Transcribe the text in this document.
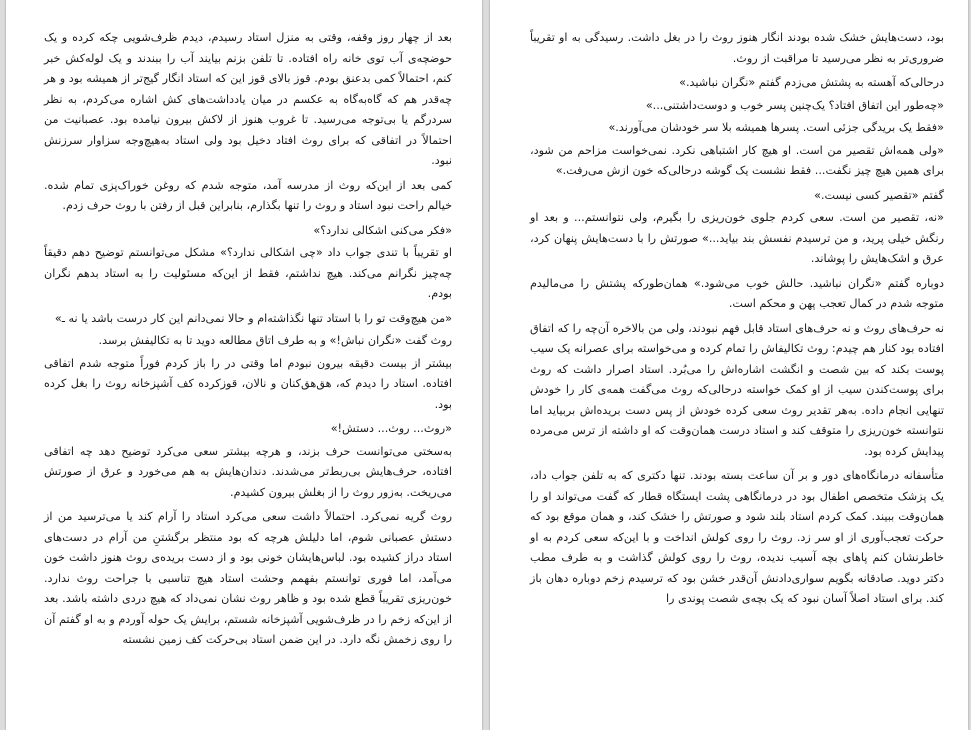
بعد از چهار روز وقفه، وقتی به منزل استاد رسیدم، دیدم ظرف‌شویی چکه کرده و یک حوضچه‌ی آب توی خانه راه افتاده. تا تلفن بزنم بیایند آب را ببندند و یک لوله‌کش خبر کنم، احتمالاً کمی بدعنق بودم. قوز بالای قوز این که استاد انگار گیج‌تر از همیشه بود و هر چه‌قدر هم که گاه‌به‌گاه به عکسم در میان یادداشت‌های کش اشاره می‌کردم، به نظر سردرگم یا بی‌توجه می‌رسید. تا غروب هنوز از لاکش بیرون نیامده بود. عصبانیت من احتمالاً در اتفاقی که برای روث افتاد دخیل بود ولی استاد به‌هیچ‌وجه سزاوار سرزنش نبود.

کمی بعد از این‌که روث از مدرسه آمد، متوجه شدم که روغن خوراک‌پزی تمام شده. خیالم راحت نبود استاد و روث را تنها بگذارم، بنابراین قبل از رفتن با روث حرف زدم.

«فکر می‌کنی اشکالی ندارد؟»

او تقریباً با تندی جواب داد «چی اشکالی ندارد؟» مشکل می‌توانستم توضیح دهم دقیقاً چه‌چیز نگرانم می‌کند. هیچ نداشتم، فقط از این‌که مسئولیت را به استاد بدهم نگران بودم.

«من هیچ‌وقت تو را با استاد تنها نگذاشته‌ام و حالا نمی‌دانم این کار درست باشد یا نه ـ»

روث گفت «نگران نباش!» و به طرف اتاق مطالعه دوید تا به تکالیفش برسد.

بیشتر از بیست دقیقه بیرون نبودم اما وقتی در را باز کردم فوراً متوجه شدم اتفاقی افتاده. استاد را دیدم که، هق‌هق‌کنان و نالان، قوزکرده کف آشپزخانه روث را بغل کرده بود.

«روث... روث... دستش!»

به‌سختی می‌توانست حرف بزند، و هرچه بیشتر سعی می‌کرد توضیح دهد چه اتفاقی افتاده، حرف‌هایش بی‌ربط‌تر می‌شدند. دندان‌هایش به هم می‌خورد و عرق از صورتش می‌ریخت. به‌زور روث را از بغلش بیرون کشیدم.

روث گریه نمی‌کرد. احتمالاً داشت سعی می‌کرد استاد را آرام کند یا می‌ترسید من از دستش عصبانی شوم، اما دلیلش هرچه که بود منتظر برگشتنِ من آرام در دست‌های استاد دراز کشیده بود. لباس‌هایشان خونی بود و از دست بریده‌ی روث هنوز داشت خون می‌آمد، اما فوری توانستم بفهمم وحشت استاد هیچ تناسبی با جراحت روث ندارد. خون‌ریزی تقریباً قطع شده بود و ظاهر روث نشان نمی‌داد که هیچ دردی داشته باشد. بعد از این‌که زخم را در ظرف‌شویی آشپزخانه شستم، برایش یک حوله آوردم و به او گفتم آن را روی زخمش نگه دارد. در این ضمن استاد بی‌حرکت کف زمین نشسته

بود، دست‌هایش خشک شده بودند انگار هنوز روث را در بغل داشت. رسیدگی به او تقریباً ضروری‌تر به نظر می‌رسید تا مراقبت از روث.

درحالی‌که آهسته به پشتش می‌زدم گفتم «نگران نباشید.»

«چه‌طور این اتفاق افتاد؟ یک‌چنین پسر خوب و دوست‌داشتنی...»

«فقط یک بریدگی جزئی است. پسرها همیشه بلا سر خودشان می‌آورند.»

«ولی همه‌اش تقصیر من است. او هیچ کار اشتباهی نکرد. نمی‌خواست مزاحم من شود، برای همین هیچ چیز نگفت... فقط نشست یک گوشه درحالی‌که خون ازش می‌رفت.»

گفتم «تقصیر کسی نیست.»

«نه، تقصیر من است. سعی کردم جلوی خون‌ریزی را بگیرم، ولی نتوانستم... و بعد او رنگش خیلی پرید، و من ترسیدم نفسش بند بیاید...» صورتش را با دست‌هایش پنهان کرد، عرق و اشک‌هایش را پوشاند.

دوباره گفتم «نگران نباشید. حالش خوب می‌شود.» همان‌طورکه پشتش را می‌مالیدم متوجه شدم در کمال تعجب پهن و محکم است.

نه حرف‌های روث و نه حرف‌های استاد قابل فهم نبودند، ولی من بالاخره آن‌چه را که اتفاق افتاده بود کنار هم چیدم: روث تکالیفاش را تمام کرده و می‌خواسته برای عصرانه یک سیب پوست بکند که بین شصت و انگشت اشاره‌اش را می‌بُرد. استاد اصرار داشت که روث برای پوست‌کندن سیب از او کمک خواسته درحالی‌که روث می‌گفت همه‌ی کار را خودش تنهایی انجام داده. به‌هر تقدیر روث سعی کرده خودش از پس دست بریده‌اش بربیاید اما نتوانسته خون‌ریزی را متوقف کند و استاد درست همان‌وقت که او داشته از ترس می‌مرده پیدایش کرده بود.

متأسفانه درمانگاه‌های دور و بر آن ساعت بسته بودند. تنها دکتری که به تلفن جواب داد، یک پزشک متخصص اطفال بود در درمانگاهی پشت ایستگاه قطار که گفت می‌تواند او را همان‌وقت ببیند. کمک کردم استاد بلند شود و صورتش را خشک کند، و همان موقع بود که حرکت تعجب‌آوری از او سر زد. روث را روی کولش انداخت و با این‌که سعی کردم به او خاطرنشان کنم پاهای بچه آسیب ندیده، روث را روی کولش گذاشت و به طرف مطب دکتر دوید. صادقانه بگویم سواری‌دادنش آن‌قدر خشن بود که ترسیدم زخم دوباره دهان باز کند. برای استاد اصلاً آسان نبود که یک بچه‌ی شصت پوندی را
